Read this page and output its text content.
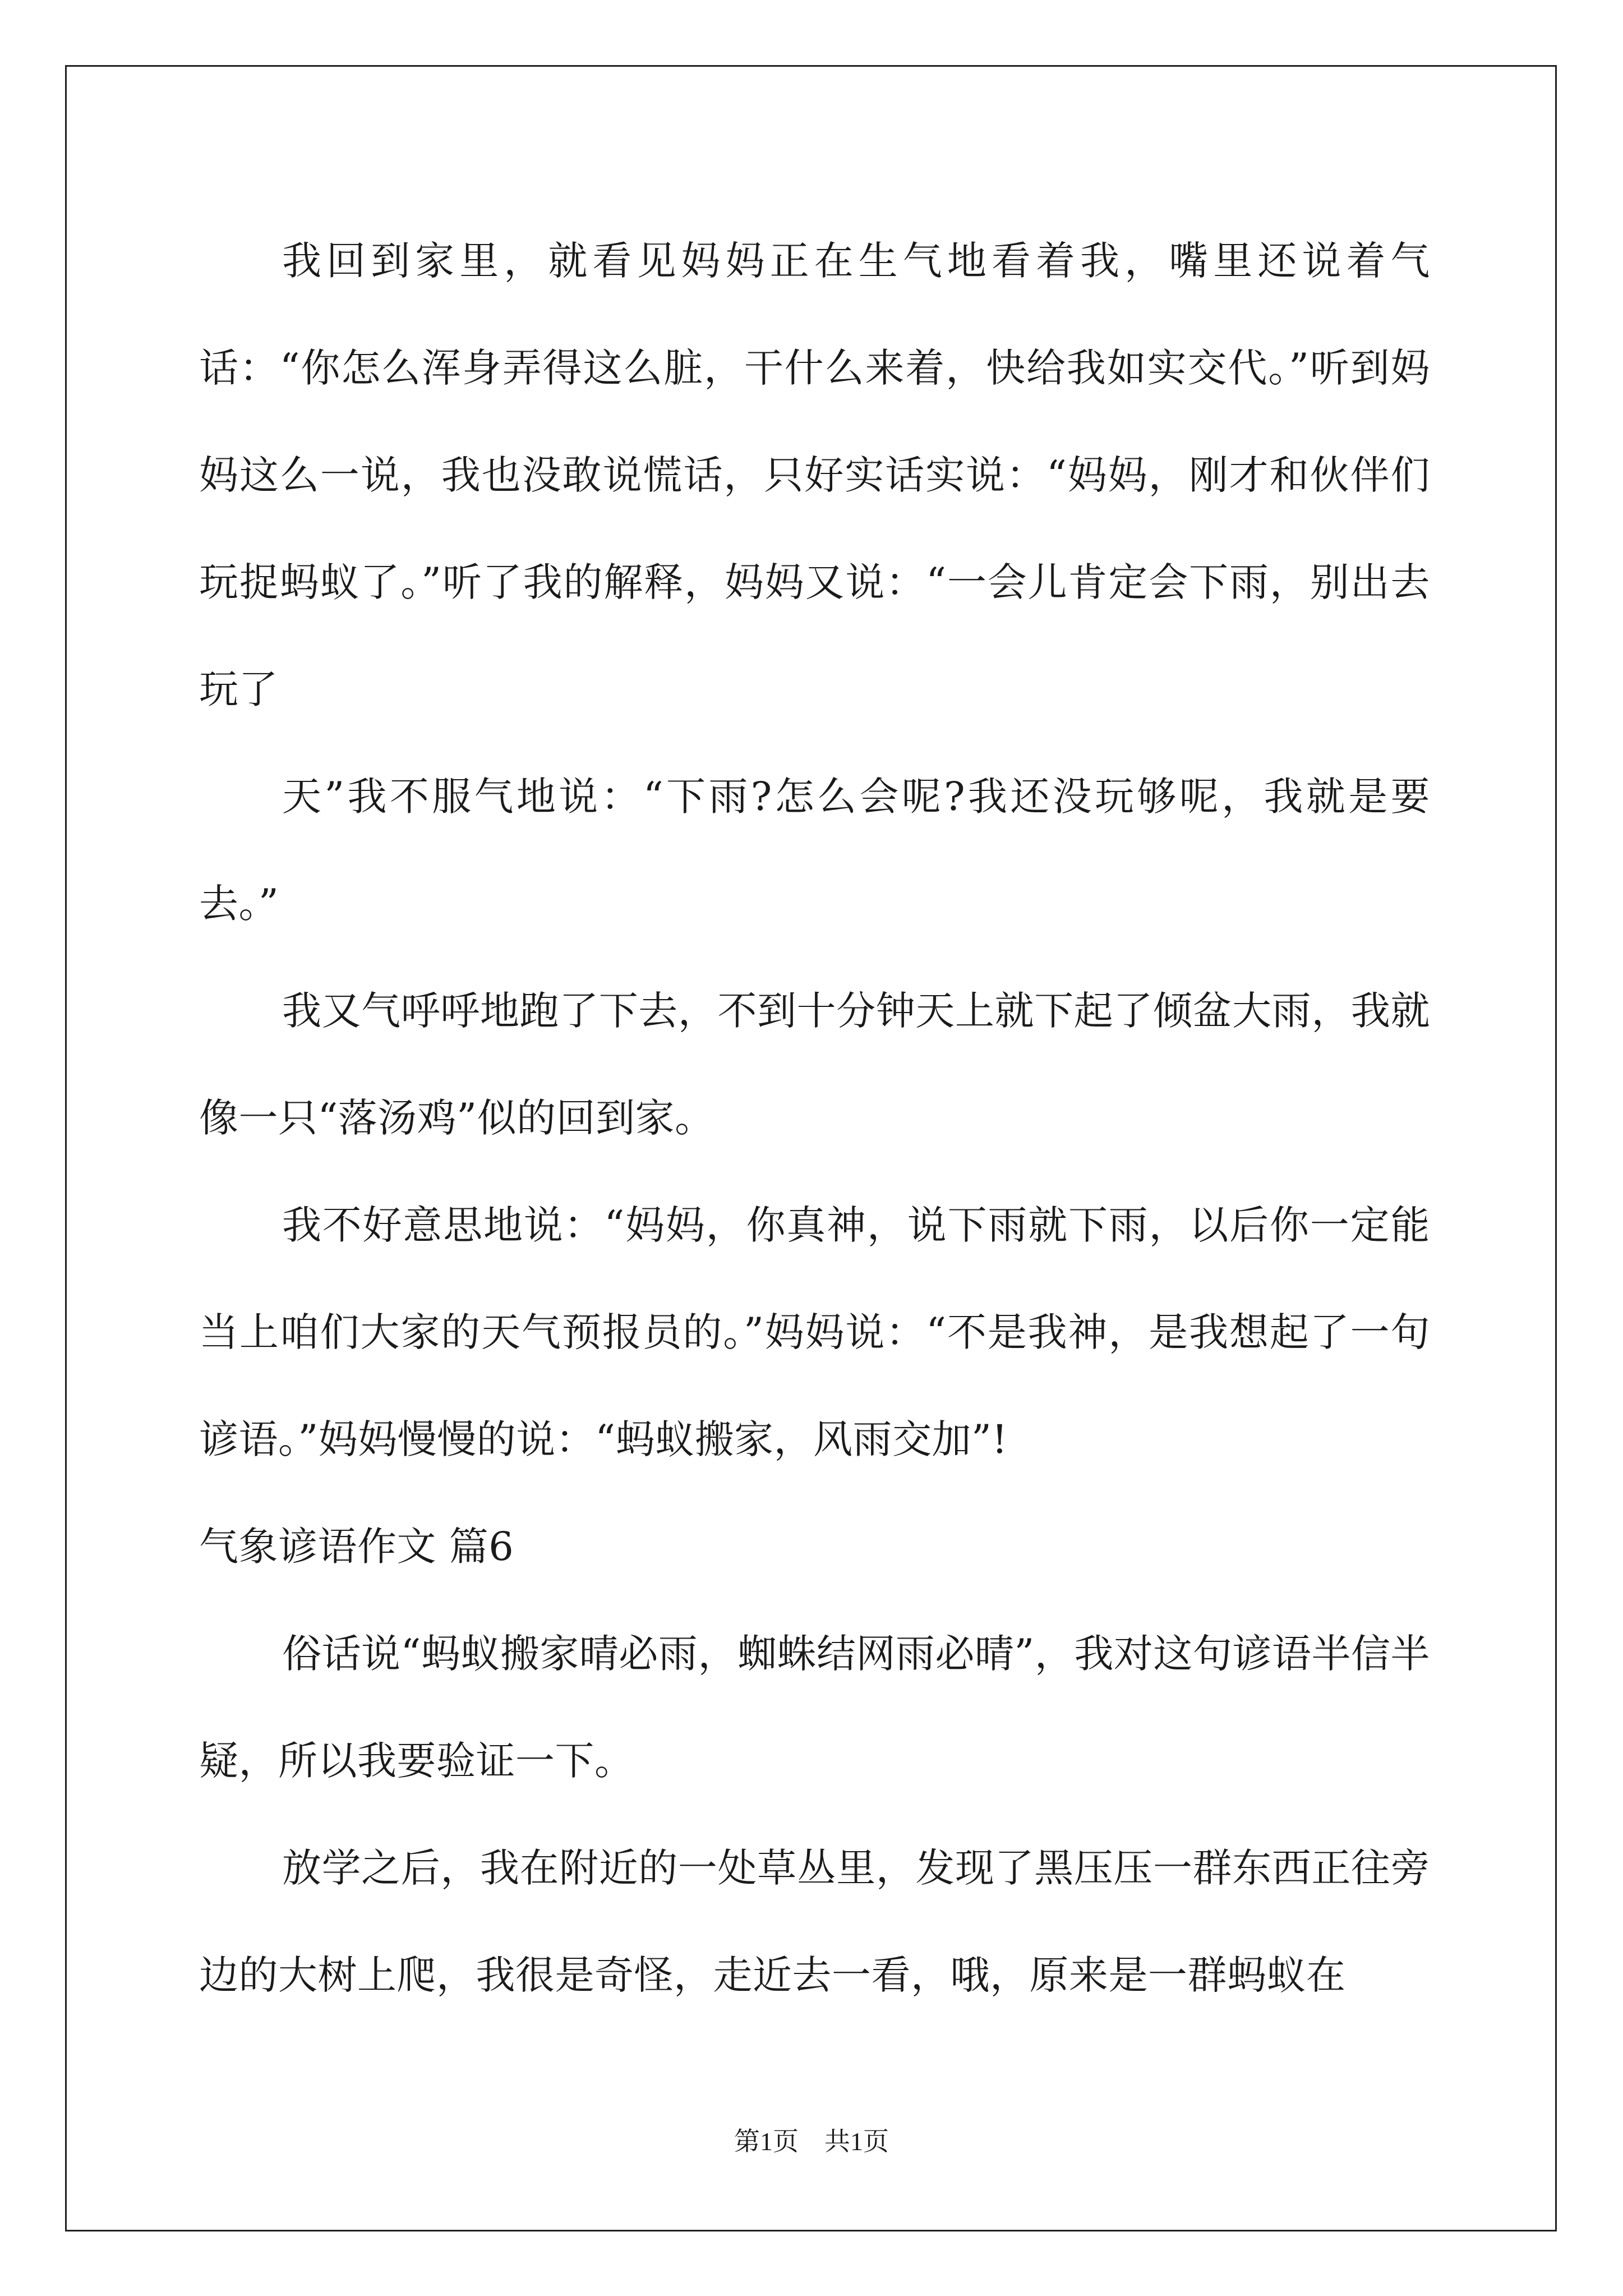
我回到家里，就看见妈妈正在生气地看着我，嘴里还说着气话：“你怎么浑身弄得这么脏，干什么来着，快给我如实交代。”听到妈妈这么一说，我也没敢说慌话，只好实话实说：“妈妈，刚才和伙伴们玩捉蚂蚁了。”听了我的解释，妈妈又说：“一会儿肯定会下雨，别出去玩了

天”我不服气地说：“下雨?怎么会呢?我还没玩够呢，我就是要去。”

我又气呼呼地跑了下去，不到十分钟天上就下起了倾盆大雨，我就像一只“落汤鸡”似的回到家。

我不好意思地说：“妈妈，你真神，说下雨就下雨，以后你一定能当上咱们大家的天气预报员的。”妈妈说：“不是我神，是我想起了一句谚语。”妈妈慢慢的说：“蚂蚁搬家，风雨交加”!

气象谚语作文 篇6

俗话说“蚂蚁搬家晴必雨，蜘蛛结网雨必晴”，我对这句谚语半信半疑，所以我要验证一下。

放学之后，我在附近的一处草丛里，发现了黑压压一群东西正往旁边的大树上爬，我很是奇怪，走近去一看，哦，原来是一群蚂蚁在

第1页 共1页
